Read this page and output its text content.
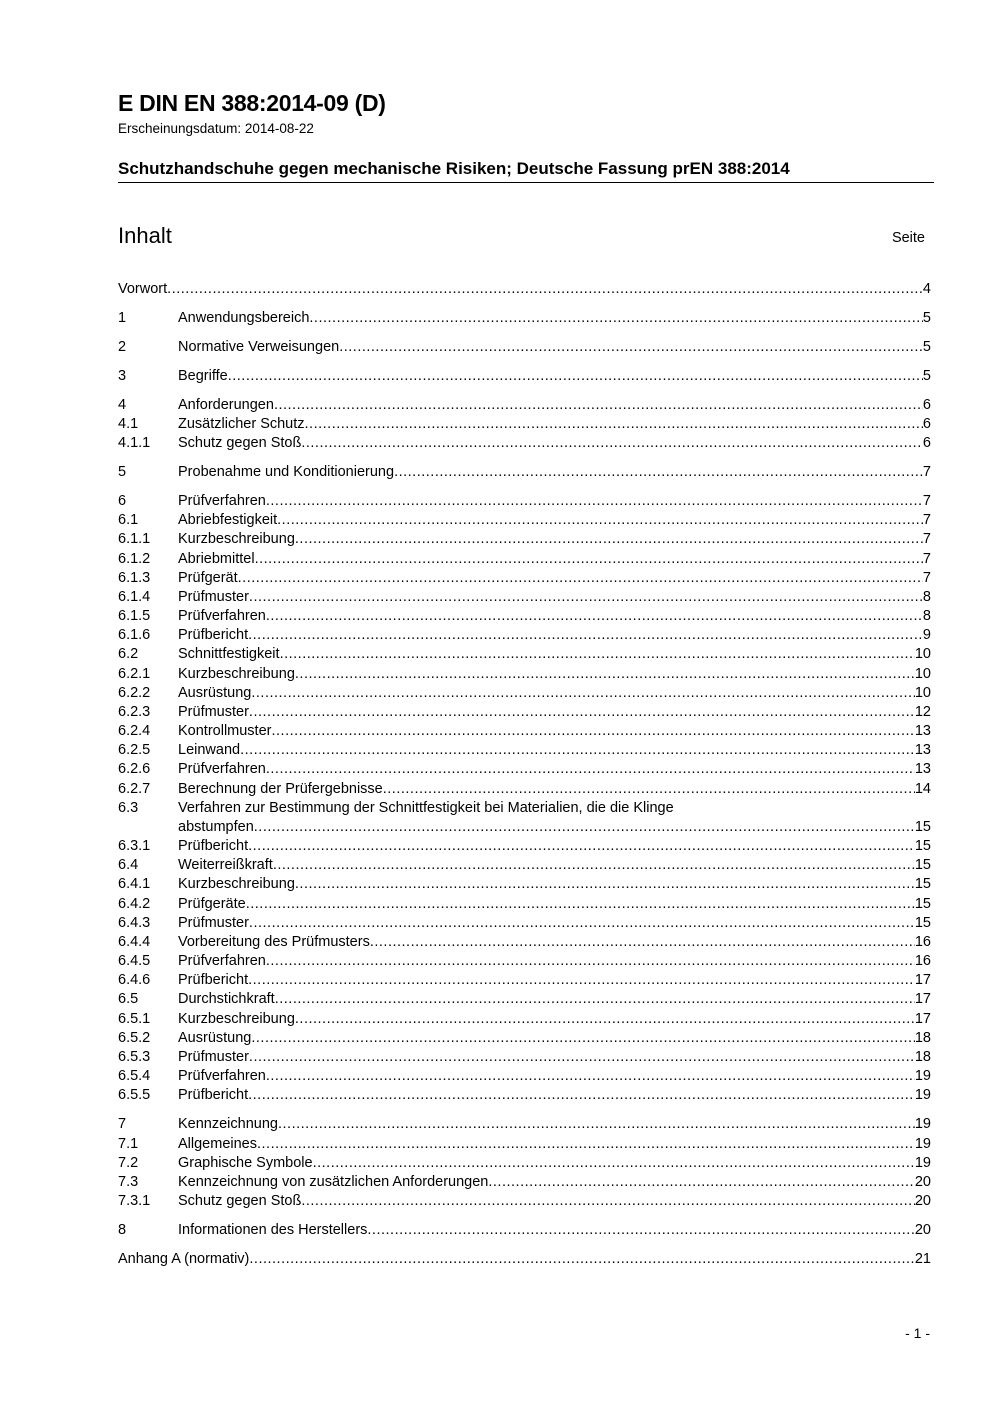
E DIN EN 388:2014-09 (D)
Erscheinungsdatum: 2014-08-22
Schutzhandschuhe gegen mechanische Risiken; Deutsche Fassung prEN 388:2014
Inhalt	Seite
Vorwort .....	4
1	Anwendungsbereich .....	5
2	Normative Verweisungen .....	5
3	Begriffe .....	5
4	Anforderungen .....	6
4.1	Zusätzlicher Schutz .....	6
4.1.1	Schutz gegen Stoß .....	6
5	Probenahme und Konditionierung .....	7
6	Prüfverfahren .....	7
6.1	Abriebfestigkeit .....	7
6.1.1	Kurzbeschreibung .....	7
6.1.2	Abriebmittel .....	7
6.1.3	Prüfgerät .....	7
6.1.4	Prüfmuster .....	8
6.1.5	Prüfverfahren .....	8
6.1.6	Prüfbericht .....	9
6.2	Schnittfestigkeit .....	10
6.2.1	Kurzbeschreibung .....	10
6.2.2	Ausrüstung .....	10
6.2.3	Prüfmuster .....	12
6.2.4	Kontrollmuster .....	13
6.2.5	Leinwand .....	13
6.2.6	Prüfverfahren .....	13
6.2.7	Berechnung der Prüfergebnisse .....	14
6.3	Verfahren zur Bestimmung der Schnittfestigkeit bei Materialien, die die Klinge
abstumpfen .....	15
6.3.1	Prüfbericht .....	15
6.4	Weiterreißkraft .....	15
6.4.1	Kurzbeschreibung .....	15
6.4.2	Prüfgeräte .....	15
6.4.3	Prüfmuster .....	15
6.4.4	Vorbereitung des Prüfmusters .....	16
6.4.5	Prüfverfahren .....	16
6.4.6	Prüfbericht .....	17
6.5	Durchstichkraft .....	17
6.5.1	Kurzbeschreibung .....	17
6.5.2	Ausrüstung .....	18
6.5.3	Prüfmuster .....	18
6.5.4	Prüfverfahren .....	19
6.5.5	Prüfbericht .....	19
7	Kennzeichnung .....	19
7.1	Allgemeines .....	19
7.2	Graphische Symbole .....	19
7.3	Kennzeichnung von zusätzlichen Anforderungen .....	20
7.3.1	Schutz gegen Stoß .....	20
8	Informationen des Herstellers .....	20
Anhang A (normativ) .....	21
- 1 -
